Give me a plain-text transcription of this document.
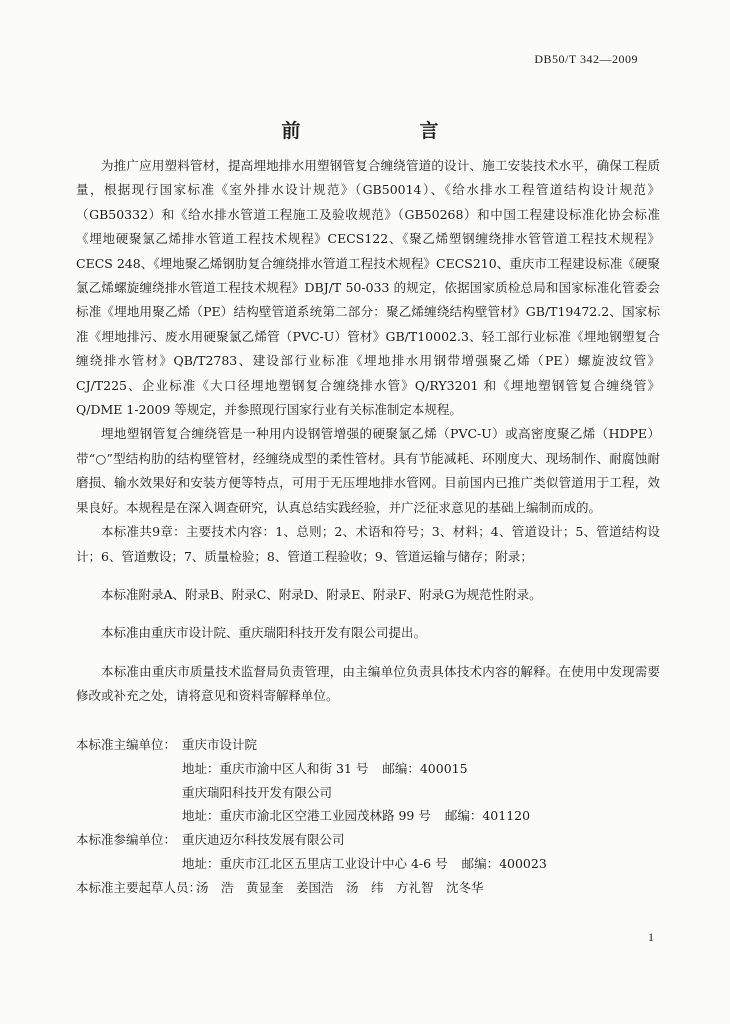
DB50/T 342—2009
前　言

为推广应用塑料管材，提高埋地排水用塑钢管复合缠绕管道的设计、施工安装技术水平，确保工程质量，根据现行国家标准《室外排水设计规范》（GB50014）、《给水排水工程管道结构设计规范》（GB50332）和《给水排水管道工程施工及验收规范》（GB50268）和中国工程建设标准化协会标准《埋地硬聚氯乙烯排水管道工程技术规程》CECS122、《聚乙烯塑钢缠绕排水管管道工程技术规程》CECS 248、《埋地聚乙烯钢肋复合缠绕排水管道工程技术规程》CECS210、重庆市工程建设标准《硬聚氯乙烯螺旋缠绕排水管道工程技术规程》DBJ/T 50-033 的规定，依据国家质检总局和国家标准化管委会标准《埋地用聚乙烯（PE）结构壁管道系统第二部分：聚乙烯缠绕结构壁管材》GB/T19472.2、国家标准《埋地排污、废水用硬聚氯乙烯管（PVC-U）管材》GB/T10002.3、轻工部行业标准《埋地钢塑复合缠绕排水管材》QB/T2783、建设部行业标准《埋地排水用钢带增强聚乙烯（PE）螺旋波纹管》CJ/T225、企业标准《大口径埋地塑钢复合缠绕排水管》Q/RY3201 和《埋地塑钢管复合缠绕管》Q/DME 1-2009 等规定，并参照现行国家行业有关标准制定本规程。

埋地塑钢管复合缠绕管是一种用内设钢管增强的硬聚氯乙烯（PVC-U）或高密度聚乙烯（HDPE）带“○”型结构肋的结构壁管材，经缠绕成型的柔性管材。具有节能减耗、环刚度大、现场制作、耐腐蚀耐磨损、输水效果好和安装方便等特点，可用于无压埋地排水管网。目前国内已推广类似管道用于工程，效果良好。本规程是在深入调查研究，认真总结实践经验，并广泛征求意见的基础上编制而成的。

本标准共9章：主要技术内容：1、总则；2、术语和符号；3、材料；4、管道设计；5、管道结构设计；6、管道敷设；7、质量检验；8、管道工程验收；9、管道运输与储存；附录；

本标准附录A、附录B、附录C、附录D、附录E、附录F、附录G为规范性附录。

本标准由重庆市设计院、重庆瑞阳科技开发有限公司提出。

本标准由重庆市质量技术监督局负责管理，由主编单位负责具体技术内容的解释。在使用中发现需要修改或补充之处，请将意见和资料寄解释单位。

本标准主编单位： 重庆市设计院
地址：重庆市渝中区人和街 31 号 邮编：400015
重庆瑞阳科技开发有限公司
地址：重庆市渝北区空港工业园茂林路 99 号 邮编：401120
本标准参编单位： 重庆迪迈尔科技发展有限公司
地址：重庆市江北区五里店工业设计中心 4-6 号 邮编：400023
本标准主要起草人员：
汤　浩　黄显奎　姜国浩　汤　纬　方礼智　沈冬华
1
